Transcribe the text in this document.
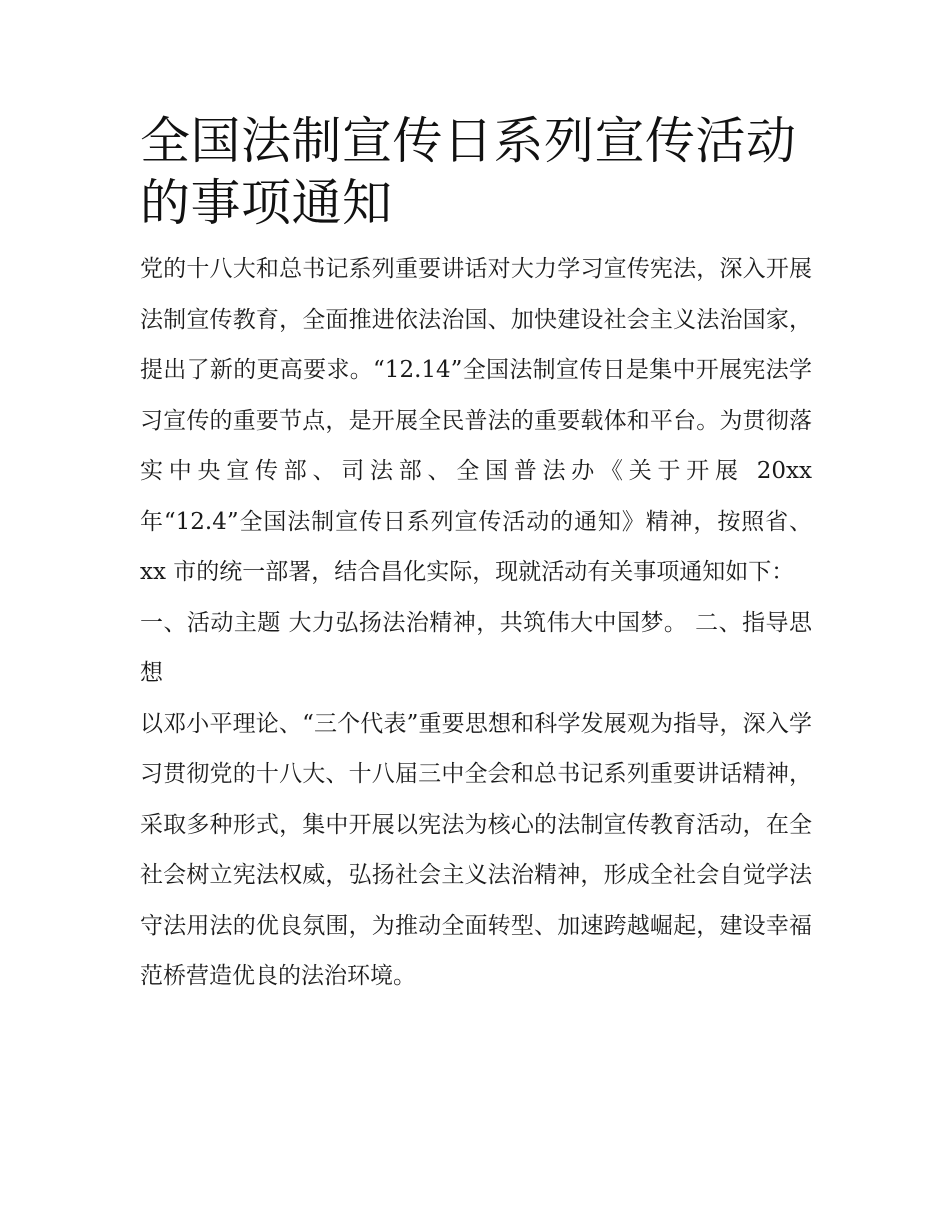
全国法制宣传日系列宣传活动的事项通知

党的十八大和总书记系列重要讲话对大力学习宣传宪法，深入开展法制宣传教育，全面推进依法治国、加快建设社会主义法治国家，提出了新的更高要求。“12.14”全国法制宣传日是集中开展宪法学习宣传的重要节点，是开展全民普法的重要载体和平台。为贯彻落实中央宣传部、司法部、全国普法办《关于开展 20xx 年“12.4”全国法制宣传日系列宣传活动的通知》精神，按照省、xx 市的统一部署，结合昌化实际，现就活动有关事项通知如下：

一、活动主题 大力弘扬法治精神，共筑伟大中国梦。 二、指导思想

以邓小平理论、“三个代表”重要思想和科学发展观为指导，深入学习贯彻党的十八大、十八届三中全会和总书记系列重要讲话精神，采取多种形式，集中开展以宪法为核心的法制宣传教育活动，在全社会树立宪法权威，弘扬社会主义法治精神，形成全社会自觉学法守法用法的优良氛围，为推动全面转型、加速跨越崛起，建设幸福范桥营造优良的法治环境。
